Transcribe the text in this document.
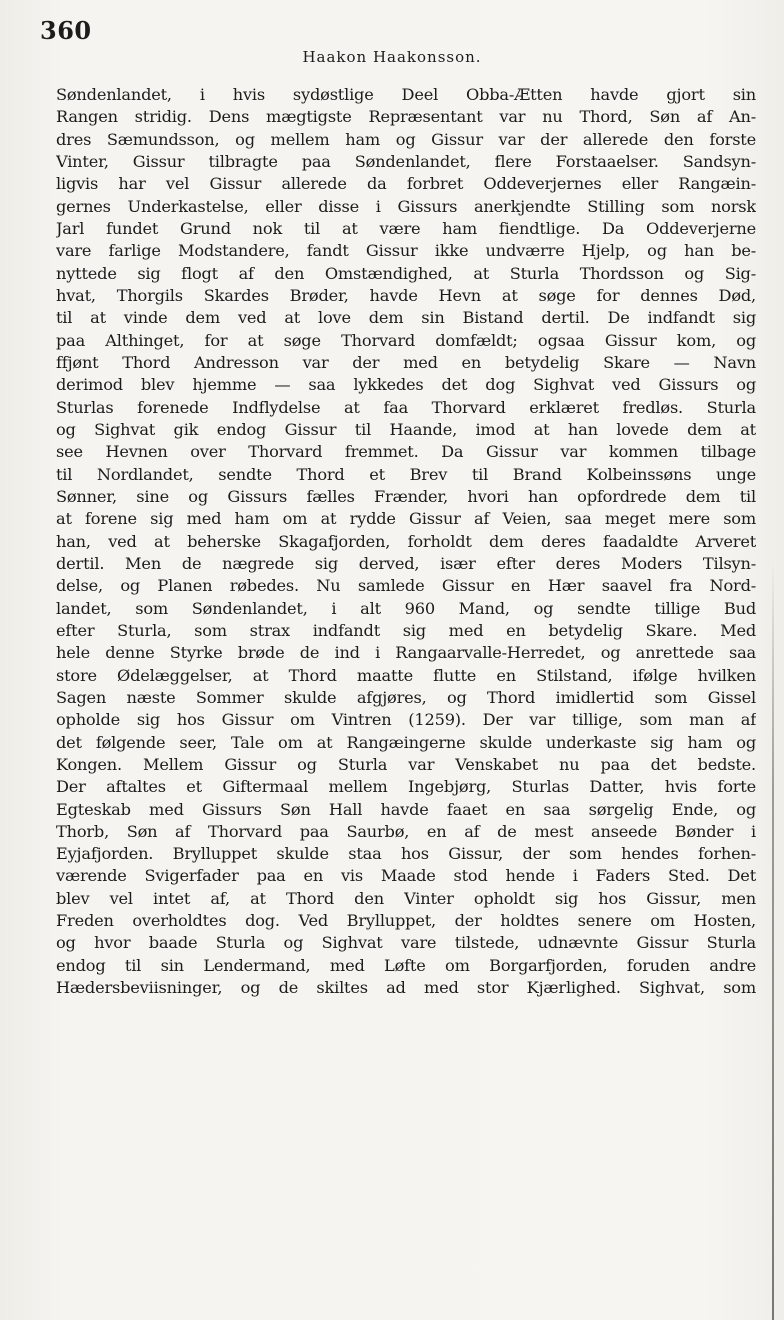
360
Haakon Haakonsson.
Søndenlandet, i hvis sydøstlige Deel Obba-Ætten havde gjort sin
Rangen stridig. Dens mægtigste Repræsentant var nu Thord, Søn af An-
dres Sæmundsson, og mellem ham og Gissur var der allerede den forste
Vinter, Gissur tilbragte paa Søndenlandet, flere Forstaaelser. Sandsyn-
ligvis har vel Gissur allerede da forbret Oddeverjernes eller Rangæin-
gernes Underkastelse, eller disse i Gissurs anerkjendte Stilling som norsk
Jarl fundet Grund nok til at være ham fiendtlige. Da Oddeverjerne
vare farlige Modstandere, fandt Gissur ikke undværre Hjelp, og han be-
nyttede sig flogt af den Omstændighed, at Sturla Thordsson og Sig-
hvat, Thorgils Skardes Brøder, havde Hevn at søge for dennes Død,
til at vinde dem ved at love dem sin Bistand dertil. De indfandt sig
paa Althinget, for at søge Thorvard domfældt; ogsaa Gissur kom, og
ffjønt Thord Andresson var der med en betydelig Skare — Navn
derimod blev hjemme — saa lykkedes det dog Sighvat ved Gissurs og
Sturlas forenede Indflydelse at faa Thorvard erklæret fredløs. Sturla
og Sighvat gik endog Gissur til Haande, imod at han lovede dem at
see Hevnen over Thorvard fremmet. Da Gissur var kommen tilbage
til Nordlandet, sendte Thord et Brev til Brand Kolbeinssøns unge
Sønner, sine og Gissurs fælles Frænder, hvori han opfordrede dem til
at forene sig med ham om at rydde Gissur af Veien, saa meget mere som
han, ved at beherske Skagafjorden, forholdt dem deres faadaldte Arveret
dertil. Men de nægrede sig derved, især efter deres Moders Tilsyn-
delse, og Planen røbedes. Nu samlede Gissur en Hær saavel fra Nord-
landet, som Søndenlandet, i alt 960 Mand, og sendte tillige Bud
efter Sturla, som strax indfandt sig med en betydelig Skare. Med
hele denne Styrke brøde de ind i Rangaarvalle-Herredet, og anrettede saa
store Ødelæggelser, at Thord maatte flutte en Stilstand, ifølge hvilken
Sagen næste Sommer skulde afgjøres, og Thord imidlertid som Gissel
opholde sig hos Gissur om Vintren (1259). Der var tillige, som man af
det følgende seer, Tale om at Rangæingerne skulde underkaste sig ham og
Kongen. Mellem Gissur og Sturla var Venskabet nu paa det bedste.
Der aftaltes et Giftermaal mellem Ingebjørg, Sturlas Datter, hvis forte
Egteskab med Gissurs Søn Hall havde faaet en saa sørgelig Ende, og
Thorb, Søn af Thorvard paa Saurbø, en af de mest anseede Bønder i
Eyjafjorden. Brylluppet skulde staa hos Gissur, der som hendes forhen-
værende Svigerfader paa en vis Maade stod hende i Faders Sted. Det
blev vel intet af, at Thord den Vinter opholdt sig hos Gissur, men
Freden overholdtes dog. Ved Brylluppet, der holdtes senere om Hosten,
og hvor baade Sturla og Sighvat vare tilstede, udnævnte Gissur Sturla
endog til sin Lendermand, med Løfte om Borgarfjorden, foruden andre
Hædersbeviisninger, og de skiltes ad med stor Kjærlighed. Sighvat, som
